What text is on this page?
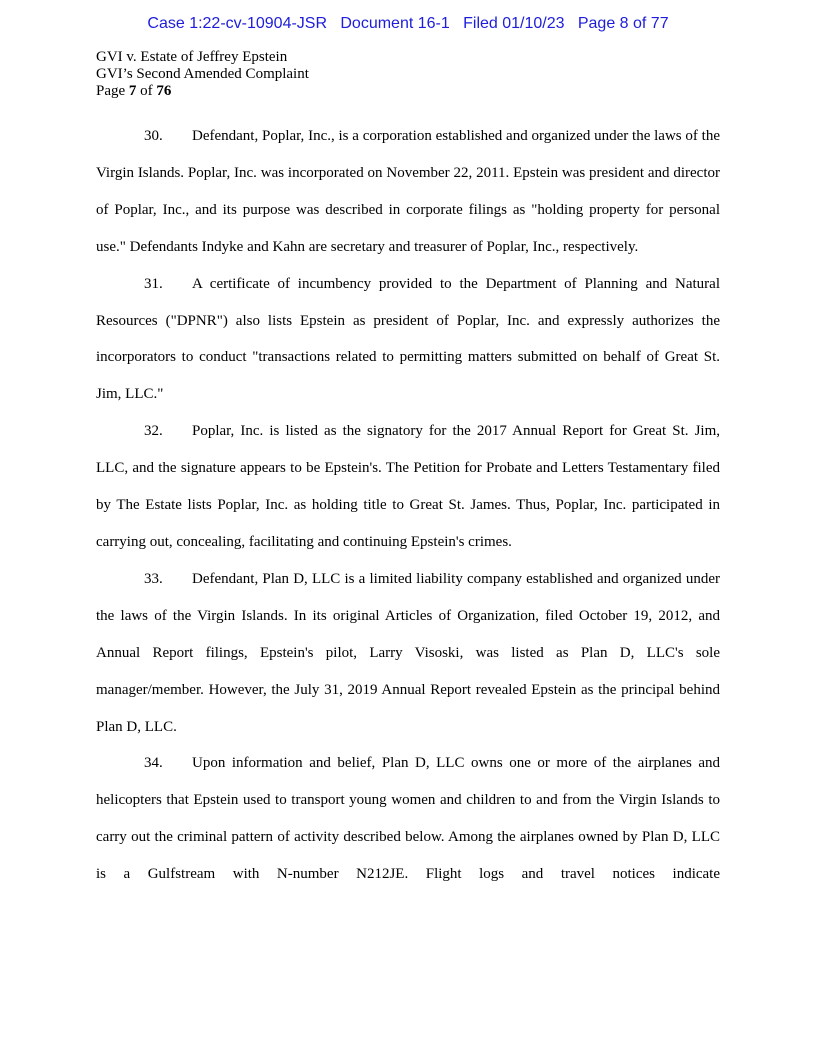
Case 1:22-cv-10904-JSR Document 16-1 Filed 01/10/23 Page 8 of 77
GVI v. Estate of Jeffrey Epstein
GVI’s Second Amended Complaint
Page 7 of 76

30. Defendant, Poplar, Inc., is a corporation established and organized under the laws of the Virgin Islands. Poplar, Inc. was incorporated on November 22, 2011. Epstein was president and director of Poplar, Inc., and its purpose was described in corporate filings as "holding property for personal use." Defendants Indyke and Kahn are secretary and treasurer of Poplar, Inc., respectively.

31. A certificate of incumbency provided to the Department of Planning and Natural Resources ("DPNR") also lists Epstein as president of Poplar, Inc. and expressly authorizes the incorporators to conduct "transactions related to permitting matters submitted on behalf of Great St. Jim, LLC."

32. Poplar, Inc. is listed as the signatory for the 2017 Annual Report for Great St. Jim, LLC, and the signature appears to be Epstein's. The Petition for Probate and Letters Testamentary filed by The Estate lists Poplar, Inc. as holding title to Great St. James. Thus, Poplar, Inc. participated in carrying out, concealing, facilitating and continuing Epstein's crimes.

33. Defendant, Plan D, LLC is a limited liability company established and organized under the laws of the Virgin Islands. In its original Articles of Organization, filed October 19, 2012, and Annual Report filings, Epstein's pilot, Larry Visoski, was listed as Plan D, LLC's sole manager/member. However, the July 31, 2019 Annual Report revealed Epstein as the principal behind Plan D, LLC.

34. Upon information and belief, Plan D, LLC owns one or more of the airplanes and helicopters that Epstein used to transport young women and children to and from the Virgin Islands to carry out the criminal pattern of activity described below. Among the airplanes owned by Plan D, LLC is a Gulfstream with N-number N212JE. Flight logs and travel notices indicate
